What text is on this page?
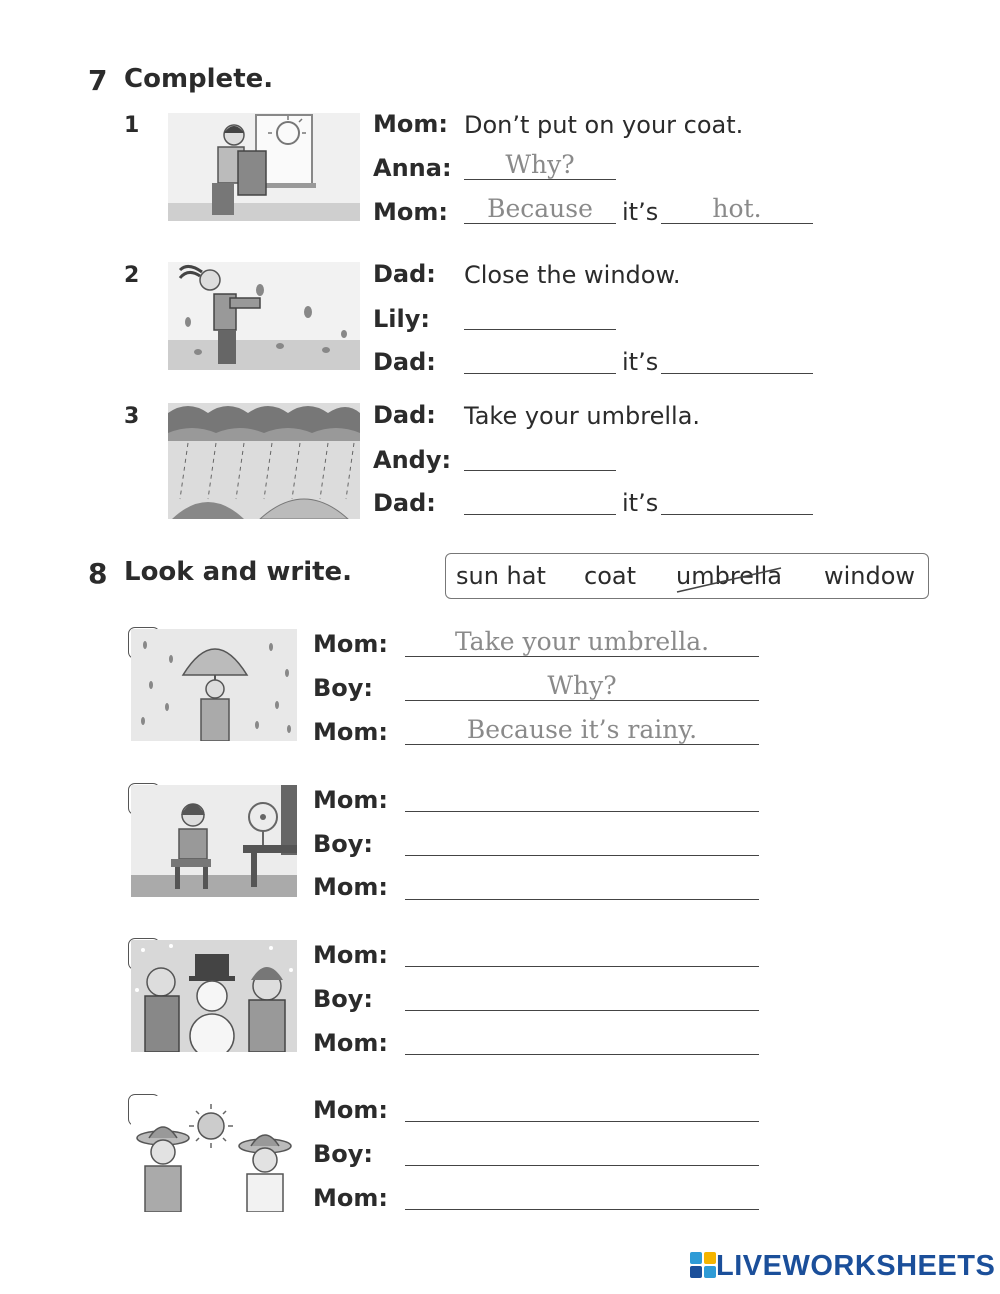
7 Complete.
1	Mom: Don’t put on your coat.
Anna:	Why?
Mom:	Because	it’s	hot.
2	Dad: Close the window.
Lily:
Dad:	it’s
3	Dad: Take your umbrella.
Andy:
Dad:	it’s
8 Look and write.	sun hat coat umbrella window
Mom:	Take your umbrella.
Boy:	Why?
Mom:	Because it’s rainy.
Mom:
Boy:
Mom:
Mom:
Boy:
Mom:
Mom:
Boy:
Mom:
LIVEWORKSHEETS
